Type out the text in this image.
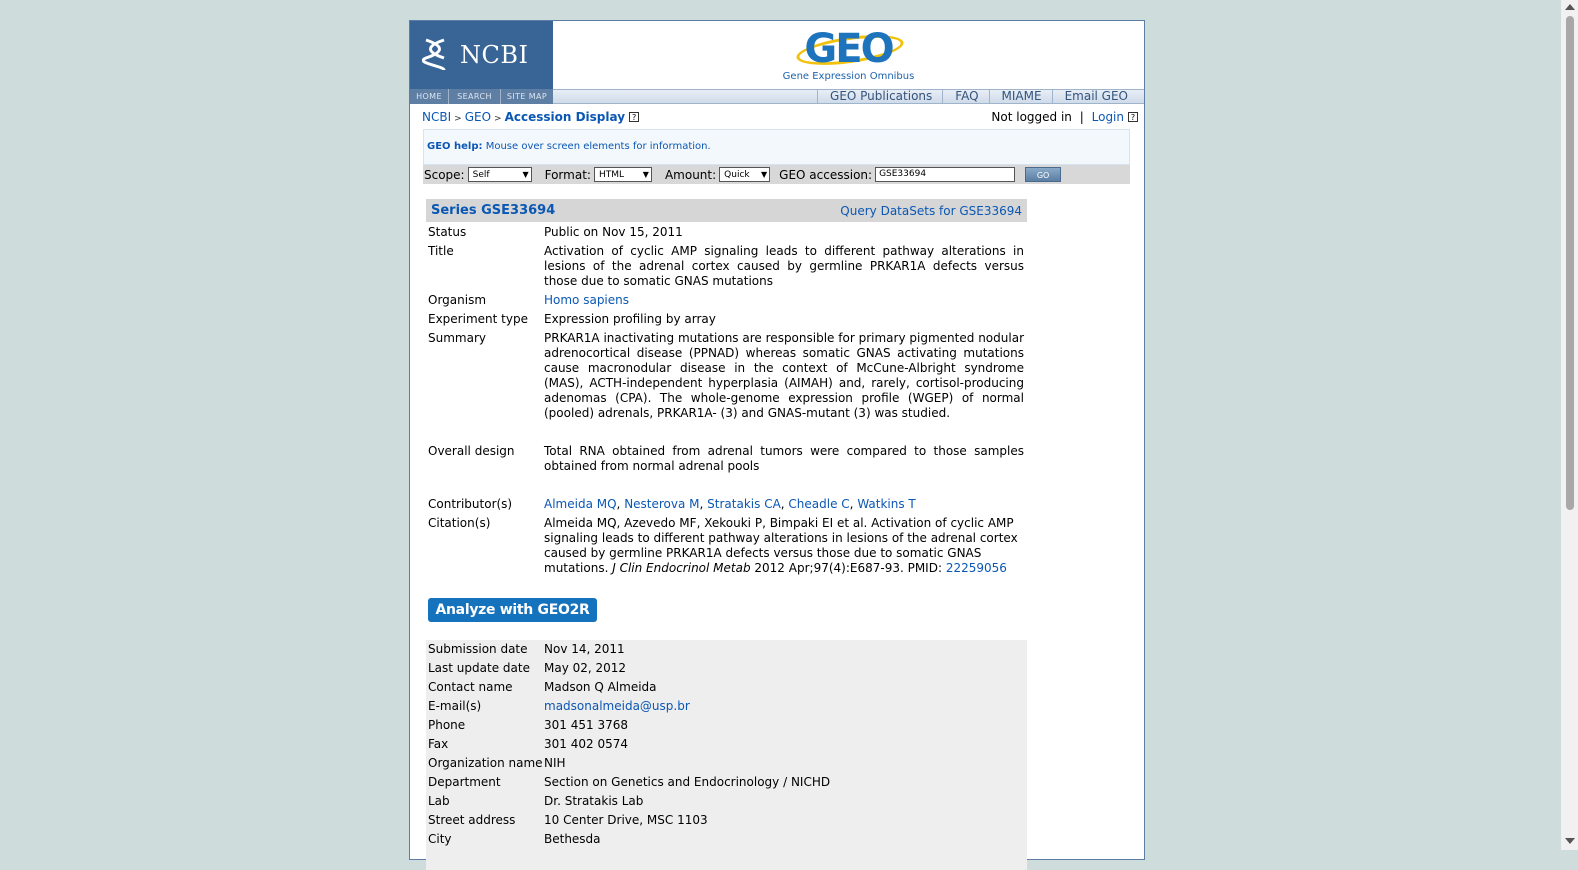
NCBI
HOME	SEARCH	SITE MAP
GEO
Gene Expression Omnibus
GEO Publications	FAQ	MIAME	Email GEO
NCBI > GEO > Accession Display ?	Not logged in | Login ?
GEO help: Mouse over screen elements for information.
Scope: Self	▼ Format: HTML ▼ Amount: Quick ▼ GEO accession: GSE33694	GO
Series GSE33694	Query DataSets for GSE33694
Status	Public on Nov 15, 2011
Title	Activation of cyclic AMP signaling leads to different pathway alterations in lesions of the adrenal cortex caused by germline PRKAR1A defects versus those due to somatic GNAS mutations
Organism	Homo sapiens
Experiment type	Expression profiling by array
Summary	PRKAR1A inactivating mutations are responsible for primary pigmented nodular adrenocortical disease (PPNAD) whereas somatic GNAS activating mutations cause macronodular disease in the context of McCune-Albright syndrome (MAS), ACTH-independent hyperplasia (AIMAH) and, rarely, cortisol-producing adenomas (CPA). The whole-genome expression profile (WGEP) of normal (pooled) adrenals, PRKAR1A- (3) and GNAS-mutant (3) was studied.
Overall design	Total RNA obtained from adrenal tumors were compared to those samples obtained from normal adrenal pools
Contributor(s)	Almeida MQ, Nesterova M, Stratakis CA, Cheadle C, Watkins T
Citation(s)	Almeida MQ, Azevedo MF, Xekouki P, Bimpaki EI et al. Activation of cyclic AMP signaling leads to different pathway alterations in lesions of the adrenal cortex caused by germline PRKAR1A defects versus those due to somatic GNAS mutations. J Clin Endocrinol Metab 2012 Apr;97(4):E687-93. PMID: 22259056
Analyze with GEO2R
Submission date	Nov 14, 2011
Last update date	May 02, 2012
Contact name	Madson Q Almeida
E-mail(s)	madsonalmeida@usp.br
Phone	301 451 3768
Fax	301 402 0574
Organization name NIH
Department	Section on Genetics and Endocrinology / NICHD
Lab	Dr. Stratakis Lab
Street address	10 Center Drive, MSC 1103
City	Bethesda
